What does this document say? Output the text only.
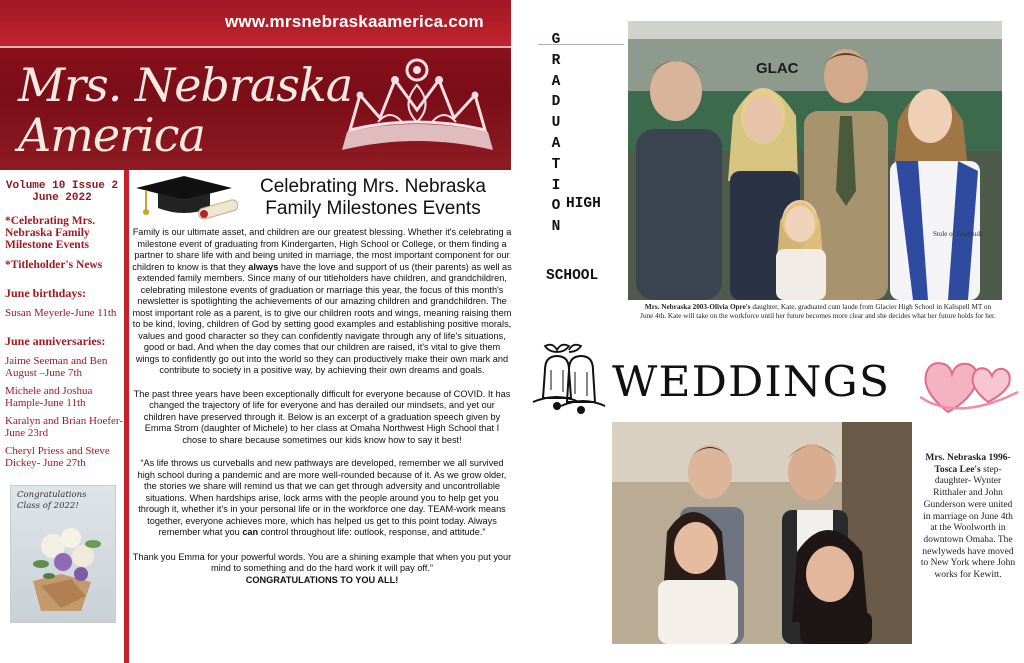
www.mrsnebraskaamerica.com
Mrs. Nebraska
America
Volume 10 Issue 2
June 2022
*Celebrating Mrs. Nebraska Family Milestone Events
*Titleholder's News
June birthdays:
Susan Meyerle-June 11th
June anniversaries:
Jaime Seeman and Ben August –June 7th
Michele and Joshua Hample-June 11th
Karalyn and Brian Hoefer- June 23rd
Cheryl Priess and Steve Dickey- June 27th
Congratulations
Class of 2022!
Celebrating Mrs. Nebraska
Family Milestones Events

Family is our ultimate asset, and children are our greatest blessing. Whether it's celebrating a milestone event of graduating from Kindergarten, High School or College, or them finding a partner to share life with and being united in marriage, the most important component for our children to know is that they always have the love and support of us (their parents) as well as extended family members. Since many of our titleholders have children, and grandchildren, celebrating milestone events of graduation or marriage this year, the focus of this month's newsletter is spotlighting the achievements of our amazing children and grandchildren. The most important role as a parent, is to give our children roots and wings, meaning raising them to be kind, loving, children of God by setting good examples and establishing positive morals, values and good character so they can confidently navigate through any of life's situations, good or bad. And when the day comes that our children are raised, it's vital to give them wings to confidently go out into the world so they can productively make their own mark and contribute to society in a positive way, by achieving their own dreams and goals.

The past three years have been exceptionally difficult for everyone because of COVID. It has changed the trajectory of life for everyone and has derailed our mindsets, and yet our children have preserved through it. Below is an excerpt of a graduation speech given by Emma Strom (daughter of Michele) to her class at Omaha Northwest High School that I chose to share because sometimes our kids know how to say it best!

“As life throws us curveballs and new pathways are developed, remember we all survived high school during a pandemic and are more well-rounded because of it. As we grow older, the stories we share will remind us that we can get through adversity and uncontrollable situations. When hardships arise, lock arms with the people around you to help get you through it, whether it's in your personal life or in the workforce one day. TEAM-work means together, everyone achieves more, which has helped us get to this point today. Always remember what you can control throughout life: outlook, response, and attitude.”

Thank you Emma for your powerful words. You are a shining example that when you put your mind to something and do the hard work it will pay off.”
CONGRATULATIONS TO YOU ALL!

G
R
A
D
U
A
T
I
O
N
HIGH
SCHOOL
GLAC
Stole of Gratitude
Mrs. Nebraska 2003-Olivia Opre's daughter, Kate, graduated cum laude from Glacier High School in Kalispell MT on June 4th. Kate will take on the workforce until her future becomes more clear and she decides what her future holds for her.
WEDDINGS
Mrs. Nebraska 1996-Tosca Lee's step-daughter- Wynter Ritthaler and John Gunderson were united in marriage on June 4th at the Woolworth in downtown Omaha. The newlyweds have moved to New York where John works for Kewitt.
